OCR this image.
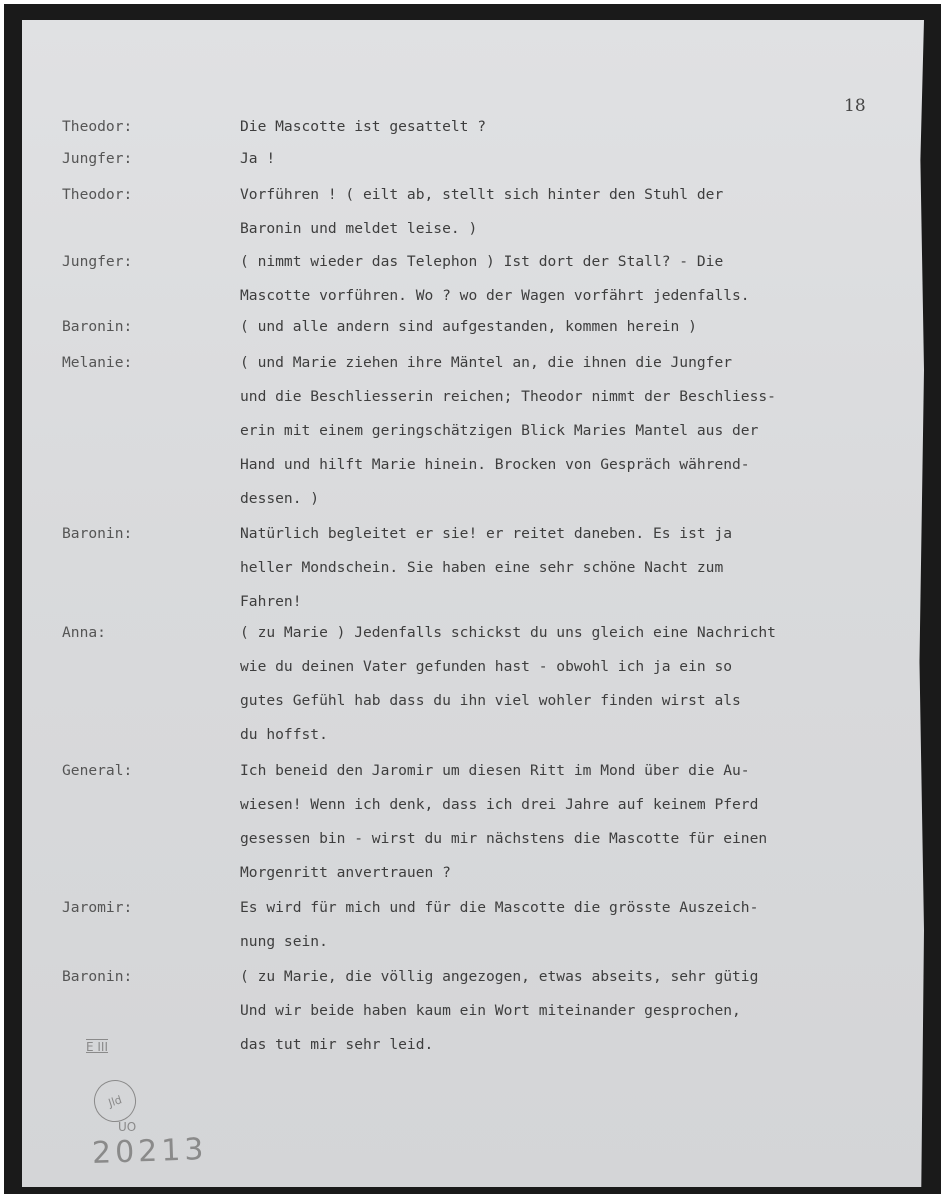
18
Theodor:	Die Mascotte ist gesattelt ?
Jungfer:	Ja !
Theodor:	Vorführen ! ( eilt ab, stellt sich hinter den Stuhl der
Baronin und meldet leise. )
Jungfer:	( nimmt wieder das Telephon ) Ist dort der Stall? - Die
Mascotte vorführen. Wo ? wo der Wagen vorfährt jedenfalls.
Baronin:	( und alle andern sind aufgestanden, kommen herein )
Melanie:	( und Marie ziehen ihre Mäntel an, die ihnen die Jungfer
und die Beschliesserin reichen; Theodor nimmt der Beschliess-
erin mit einem geringschätzigen Blick Maries Mantel aus der
Hand und hilft Marie hinein. Brocken von Gespräch während-
dessen. )
Baronin:	Natürlich begleitet er sie! er reitet daneben. Es ist ja
heller Mondschein. Sie haben eine sehr schöne Nacht zum
Fahren!
Anna:	( zu Marie ) Jedenfalls schickst du uns gleich eine Nachricht
wie du deinen Vater gefunden hast - obwohl ich ja ein so
gutes Gefühl hab dass du ihn viel wohler finden wirst als
du hoffst.
General:	Ich beneid den Jaromir um diesen Ritt im Mond über die Au-
wiesen! Wenn ich denk, dass ich drei Jahre auf keinem Pferd
gesessen bin - wirst du mir nächstens die Mascotte für einen
Morgenritt anvertrauen ?
Jaromir:	Es wird für mich und für die Mascotte die grösste Auszeich-
nung sein.
Baronin:	( zu Marie, die völlig angezogen, etwas abseits, sehr gütig
Und wir beide haben kaum ein Wort miteinander gesprochen,
das tut mir sehr leid.
E III
Jld
UO
20213
